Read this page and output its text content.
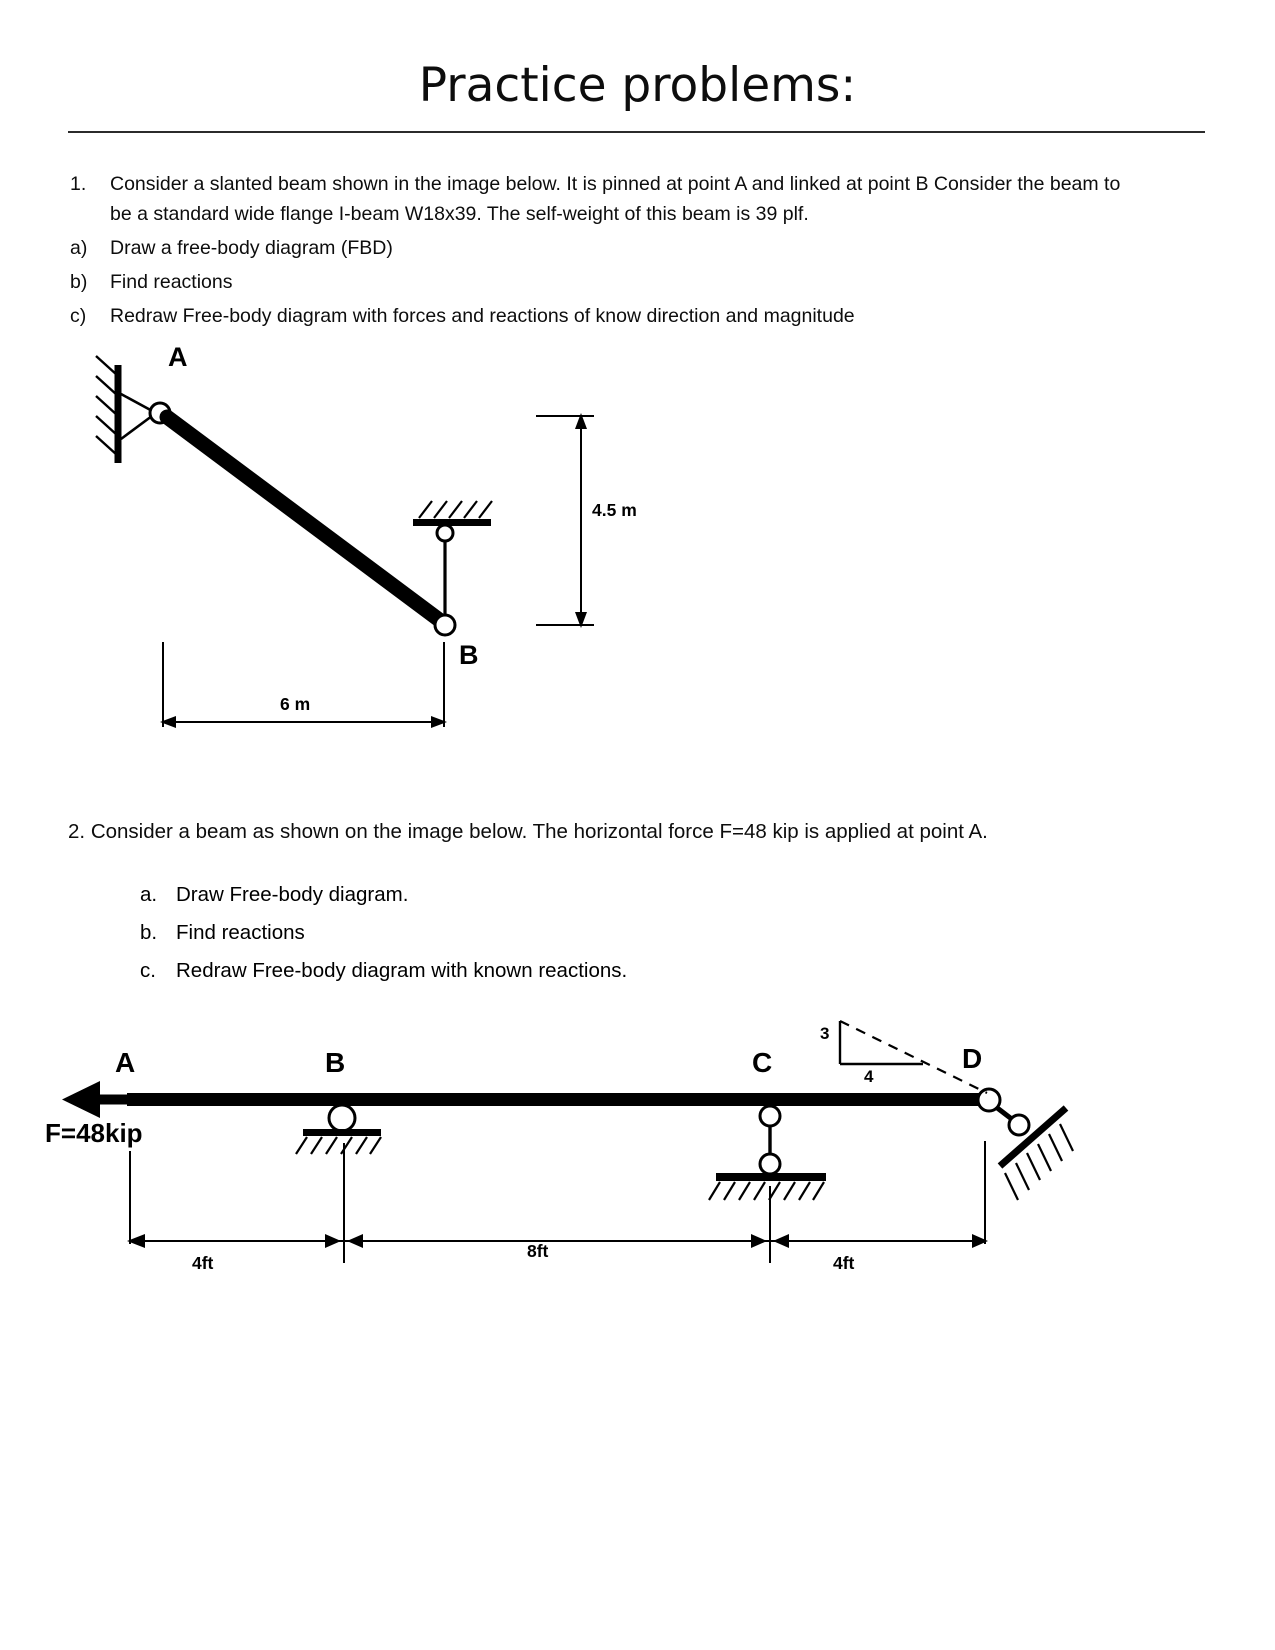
Practice problems:
1.	Consider a slanted beam shown in the image below. It is pinned at point A and linked at point B Consider the beam to be a standard wide flange I-beam W18x39. The self-weight of this beam is 39 plf.
a)	Draw a free-body diagram (FBD)
b)	Find reactions
c)	Redraw Free-body diagram with forces and reactions of know direction and magnitude
A
B
4.5 m
6 m
2. Consider a beam as shown on the image below. The horizontal force F=48 kip is applied at point A.
a. Draw Free-body diagram.
b. Find reactions
c. Redraw Free-body diagram with known reactions.
A	B	C	D
F=48kip
3
4
4ft
8ft
4ft
